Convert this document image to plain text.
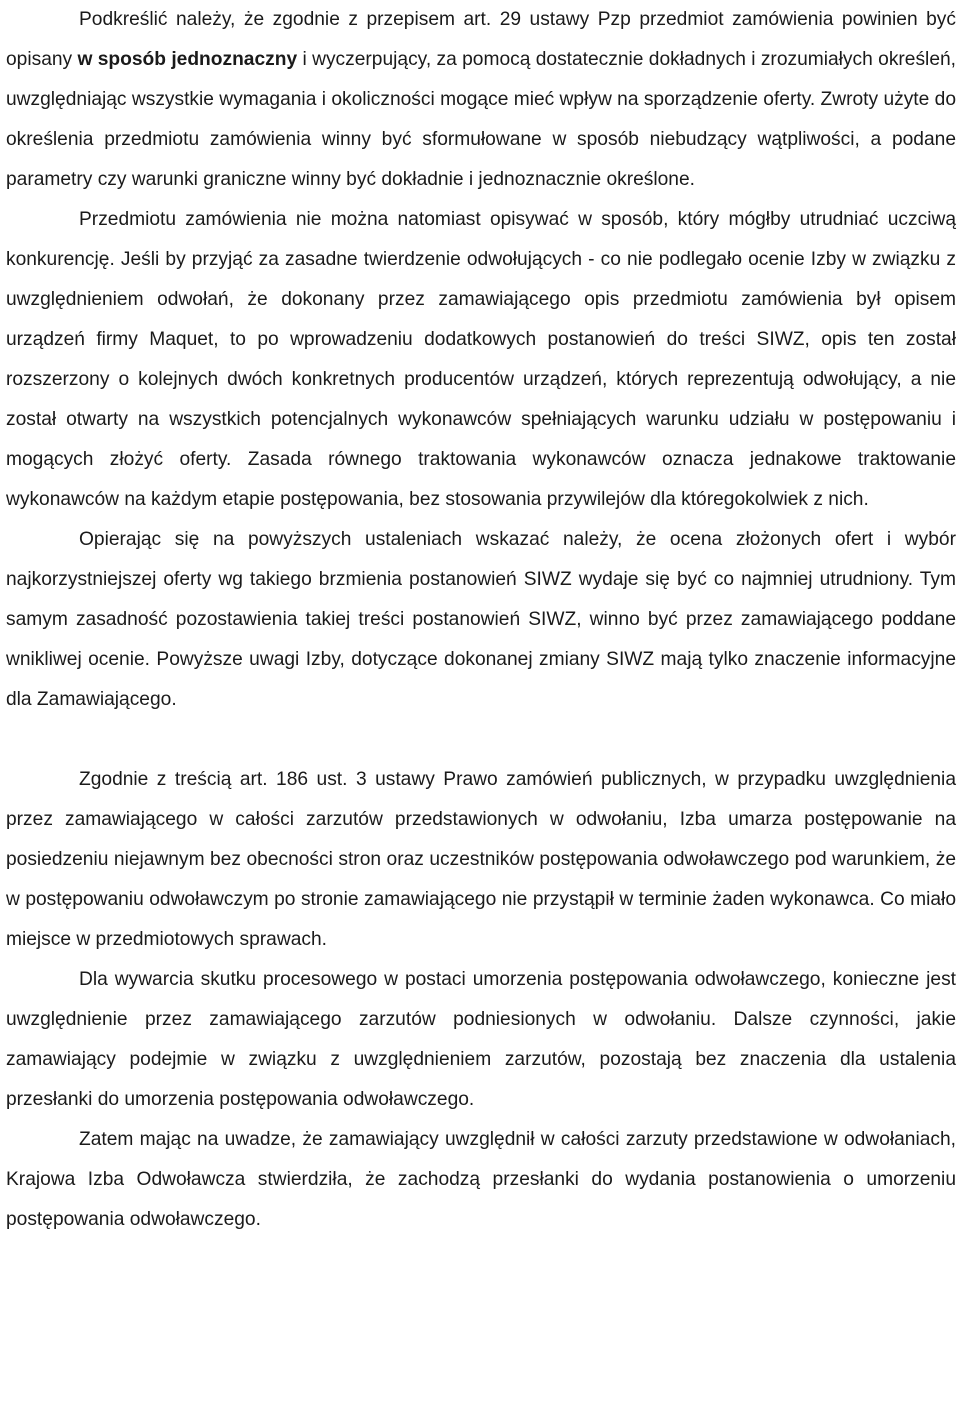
Podkreślić należy, że zgodnie z przepisem art. 29 ustawy Pzp przedmiot zamówienia powinien być opisany w sposób jednoznaczny i wyczerpujący, za pomocą dostatecznie dokładnych i zrozumiałych określeń, uwzględniając wszystkie wymagania i okoliczności mogące mieć wpływ na sporządzenie oferty. Zwroty użyte do określenia przedmiotu zamówienia winny być sformułowane w sposób niebudzący wątpliwości, a podane parametry czy warunki graniczne winny być dokładnie i jednoznacznie określone.

Przedmiotu zamówienia nie można natomiast opisywać w sposób, który mógłby utrudniać uczciwą konkurencję. Jeśli by przyjąć za zasadne twierdzenie odwołujących - co nie podlegało ocenie Izby w związku z uwzględnieniem odwołań, że dokonany przez zamawiającego opis przedmiotu zamówienia był opisem urządzeń firmy Maquet, to po wprowadzeniu dodatkowych postanowień do treści SIWZ, opis ten został rozszerzony o kolejnych dwóch konkretnych producentów urządzeń, których reprezentują odwołujący, a nie został otwarty na wszystkich potencjalnych wykonawców spełniających warunku udziału w postępowaniu i mogących złożyć oferty. Zasada równego traktowania wykonawców oznacza jednakowe traktowanie wykonawców na każdym etapie postępowania, bez stosowania przywilejów dla któregokolwiek z nich.

Opierając się na powyższych ustaleniach wskazać należy, że ocena złożonych ofert i wybór najkorzystniejszej oferty wg takiego brzmienia postanowień SIWZ wydaje się być co najmniej utrudniony. Tym samym zasadność pozostawienia takiej treści postanowień SIWZ, winno być przez zamawiającego poddane wnikliwej ocenie. Powyższe uwagi Izby, dotyczące dokonanej zmiany SIWZ mają tylko znaczenie informacyjne dla Zamawiającego.

Zgodnie z treścią art. 186 ust. 3 ustawy Prawo zamówień publicznych, w przypadku uwzględnienia przez zamawiającego w całości zarzutów przedstawionych w odwołaniu, Izba umarza postępowanie na posiedzeniu niejawnym bez obecności stron oraz uczestników postępowania odwoławczego pod warunkiem, że w postępowaniu odwoławczym po stronie zamawiającego nie przystąpił w terminie żaden wykonawca. Co miało miejsce w przedmiotowych sprawach.

Dla wywarcia skutku procesowego w postaci umorzenia postępowania odwoławczego, konieczne jest uwzględnienie przez zamawiającego zarzutów podniesionych w odwołaniu. Dalsze czynności, jakie zamawiający podejmie w związku z uwzględnieniem zarzutów, pozostają bez znaczenia dla ustalenia przesłanki do umorzenia postępowania odwoławczego.

Zatem mając na uwadze, że zamawiający uwzględnił w całości zarzuty przedstawione w odwołaniach, Krajowa Izba Odwoławcza stwierdziła, że zachodzą przesłanki do wydania postanowienia o umorzeniu postępowania odwoławczego.
